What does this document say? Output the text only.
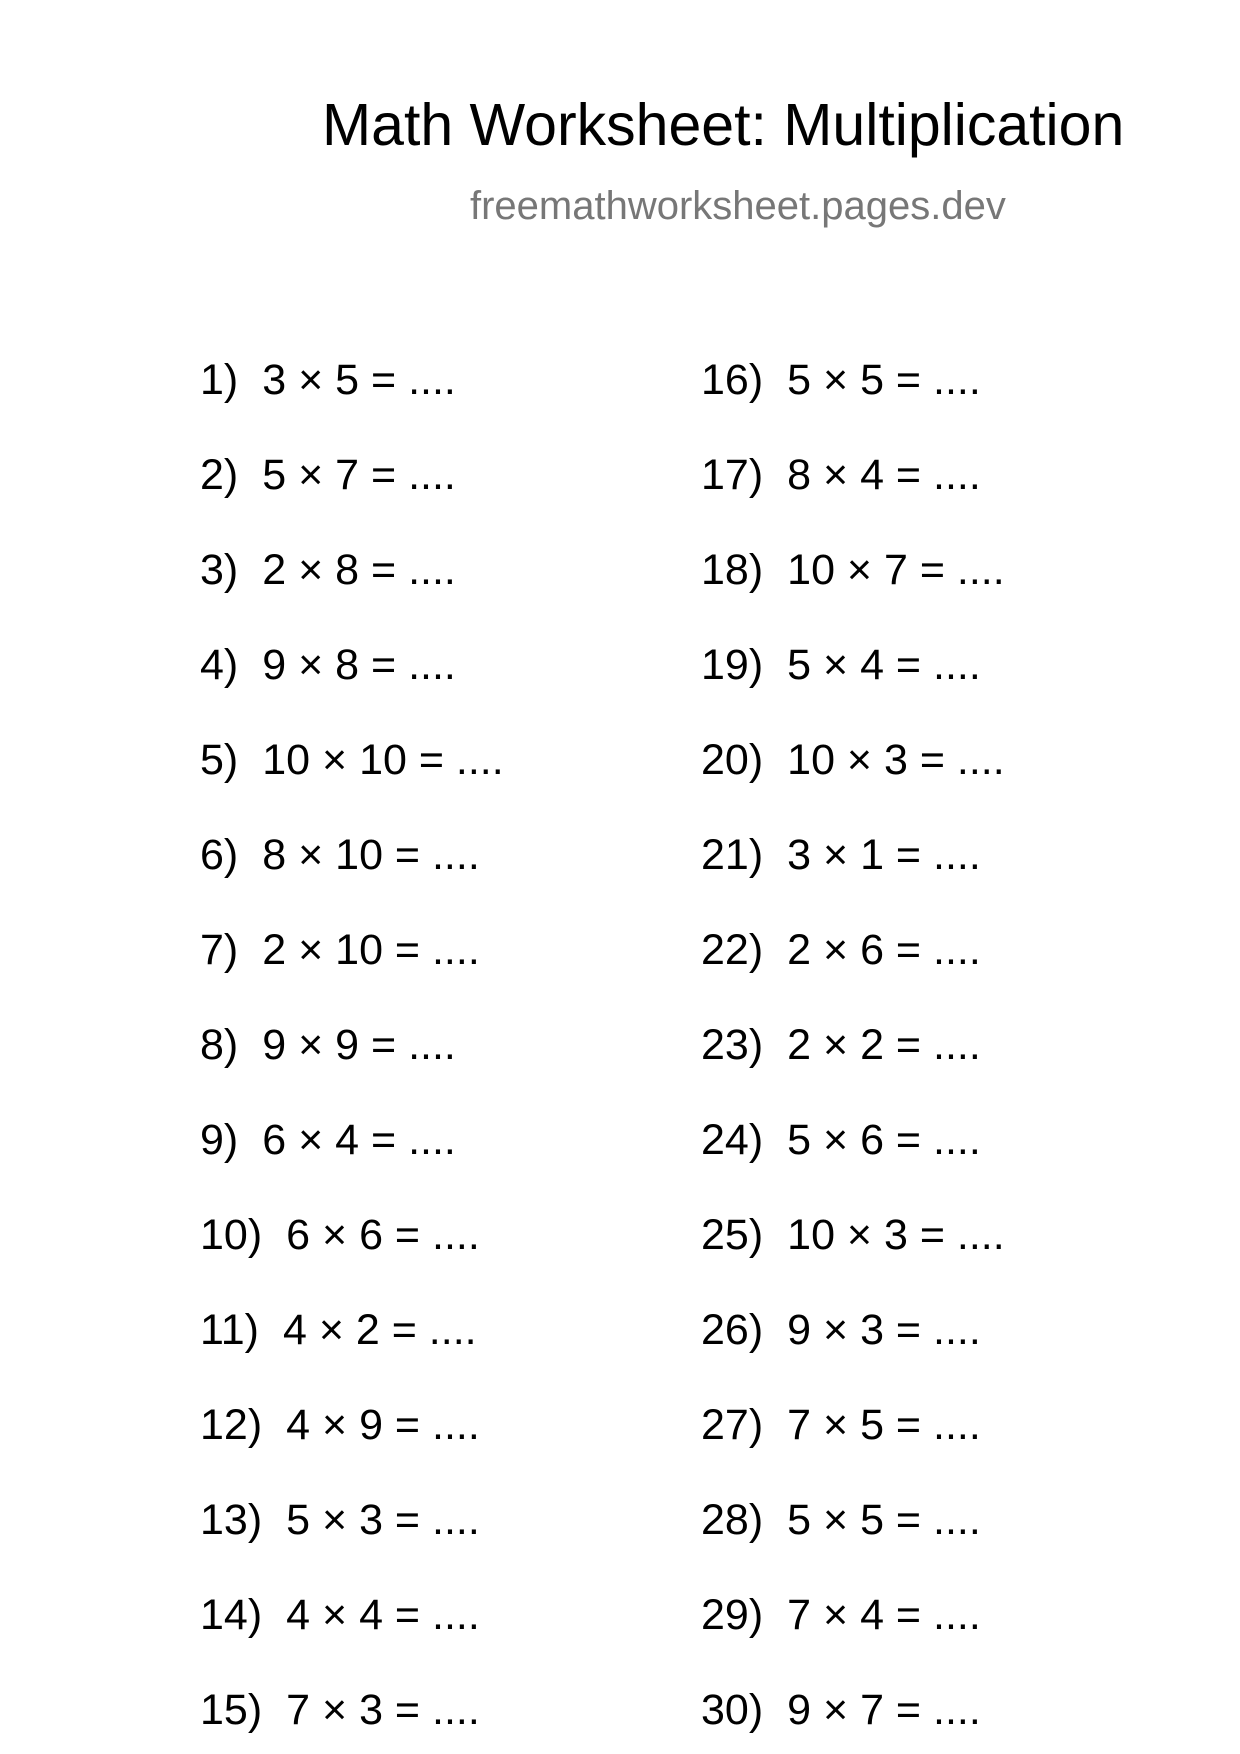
Math Worksheet: Multiplication
freemathworksheet.pages.dev
1) 3 × 5 = ....
2) 5 × 7 = ....
3) 2 × 8 = ....
4) 9 × 8 = ....
5) 10 × 10 = ....
6) 8 × 10 = ....
7) 2 × 10 = ....
8) 9 × 9 = ....
9) 6 × 4 = ....
10) 6 × 6 = ....
11) 4 × 2 = ....
12) 4 × 9 = ....
13) 5 × 3 = ....
14) 4 × 4 = ....
15) 7 × 3 = ....
16) 5 × 5 = ....
17) 8 × 4 = ....
18) 10 × 7 = ....
19) 5 × 4 = ....
20) 10 × 3 = ....
21) 3 × 1 = ....
22) 2 × 6 = ....
23) 2 × 2 = ....
24) 5 × 6 = ....
25) 10 × 3 = ....
26) 9 × 3 = ....
27) 7 × 5 = ....
28) 5 × 5 = ....
29) 7 × 4 = ....
30) 9 × 7 = ....
